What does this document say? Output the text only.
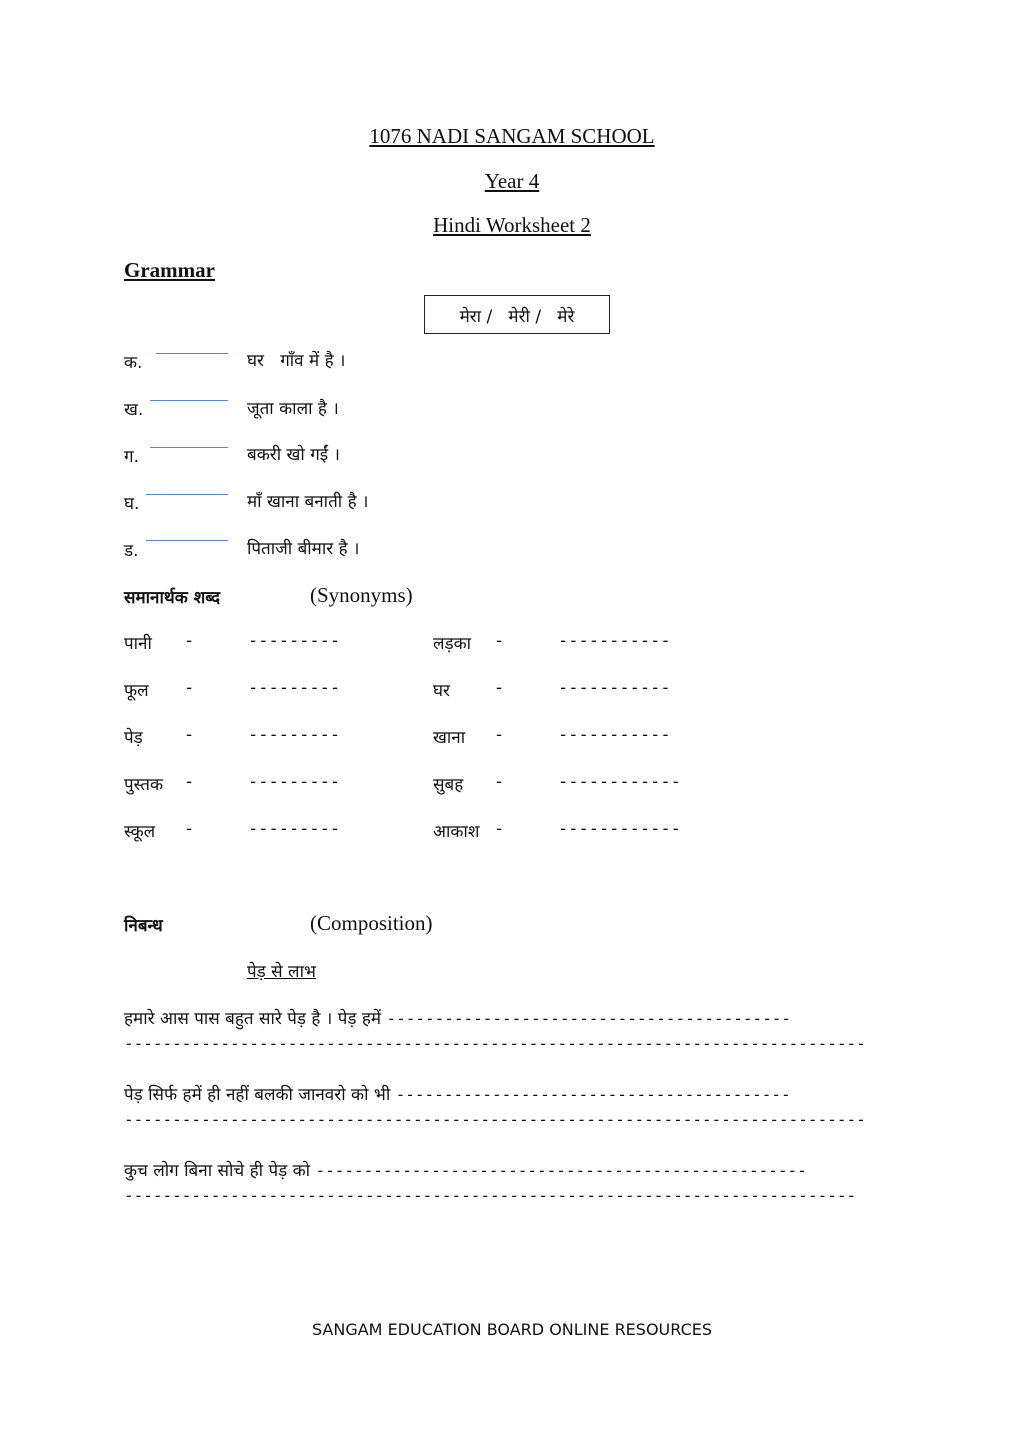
1076 NADI SANGAM SCHOOL
Year 4
Hindi Worksheet 2
Grammar
मेरा /   मेरी /   मेरे
क.	घर   गाँव में है ।
ख.	जूता काला है ।
ग.	बकरी खो गईं ।
घ.	माँ खाना बनाती है ।
ड.	पिताजी बीमार है ।
समानार्थक शब्द	(Synonyms)
पानी -	---------	लड़का -	-----------
फूल -	---------	घर	-	-----------
पेड़	-	---------	खाना -	-----------
पुस्तक -	---------	सुबह -	------------
स्कूल -	---------	आकाश -	------------
निबन्ध	(Composition)
पेड़ से लाभ
हमारे आस पास बहुत सारे पेड़ है । पेड़ हमें ------------------------------------------
-----------------------------------------------------------------------------
पेड़ सिर्फ हमें ही नहीं बलकी जानवरो को भी -----------------------------------------
-----------------------------------------------------------------------------
कुच लोग बिना सोचे ही पेड़ को ---------------------------------------------------
----------------------------------------------------------------------------
SANGAM EDUCATION BOARD ONLINE RESOURCES
